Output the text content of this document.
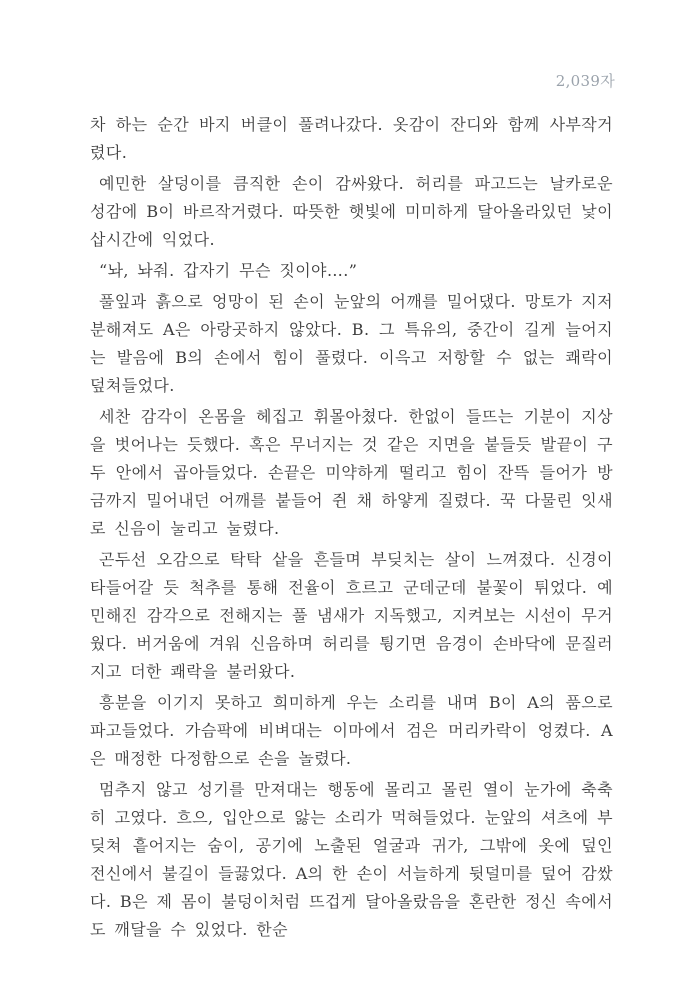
2,039자

차 하는 순간 바지 버클이 풀려나갔다. 옷감이 잔디와 함께 사부작거렸다.

예민한 살덩이를 큼직한 손이 감싸왔다. 허리를 파고드는 날카로운 성감에 B이 바르작거렸다. 따뜻한 햇빛에 미미하게 달아올라있던 낯이 삽시간에 익었다.

“놔, 놔줘. 갑자기 무슨 짓이야….”

풀잎과 흙으로 엉망이 된 손이 눈앞의 어깨를 밀어댔다. 망토가 지저분해져도 A은 아랑곳하지 않았다. B. 그 특유의, 중간이 길게 늘어지는 발음에 B의 손에서 힘이 풀렸다. 이윽고 저항할 수 없는 쾌락이 덮쳐들었다.

세찬 감각이 온몸을 헤집고 휘몰아쳤다. 한없이 들뜨는 기분이 지상을 벗어나는 듯했다. 혹은 무너지는 것 같은 지면을 붙들듯 발끝이 구두 안에서 곱아들었다. 손끝은 미약하게 떨리고 힘이 잔뜩 들어가 방금까지 밀어내던 어깨를 붙들어 쥔 채 하얗게 질렸다. 꾹 다물린 잇새로 신음이 눌리고 눌렸다.

곤두선 오감으로 탁탁 샅을 흔들며 부딪치는 살이 느껴졌다. 신경이 타들어갈 듯 척추를 통해 전율이 흐르고 군데군데 불꽃이 튀었다. 예민해진 감각으로 전해지는 풀 냄새가 지독했고, 지켜보는 시선이 무거웠다. 버거움에 겨워 신음하며 허리를 튕기면 음경이 손바닥에 문질러지고 더한 쾌락을 불러왔다.

흥분을 이기지 못하고 희미하게 우는 소리를 내며 B이 A의 품으로 파고들었다. 가슴팍에 비벼대는 이마에서 검은 머리카락이 엉켰다. A은 매정한 다정함으로 손을 놀렸다.

멈추지 않고 성기를 만져대는 행동에 몰리고 몰린 열이 눈가에 축축히 고였다. 흐으, 입안으로 앓는 소리가 먹혀들었다. 눈앞의 셔츠에 부딪쳐 흩어지는 숨이, 공기에 노출된 얼굴과 귀가, 그밖에 옷에 덮인 전신에서 불길이 들끓었다. A의 한 손이 서늘하게 뒷덜미를 덮어 감쌌다. B은 제 몸이 불덩이처럼 뜨겁게 달아올랐음을 혼란한 정신 속에서도 깨달을 수 있었다. 한순
